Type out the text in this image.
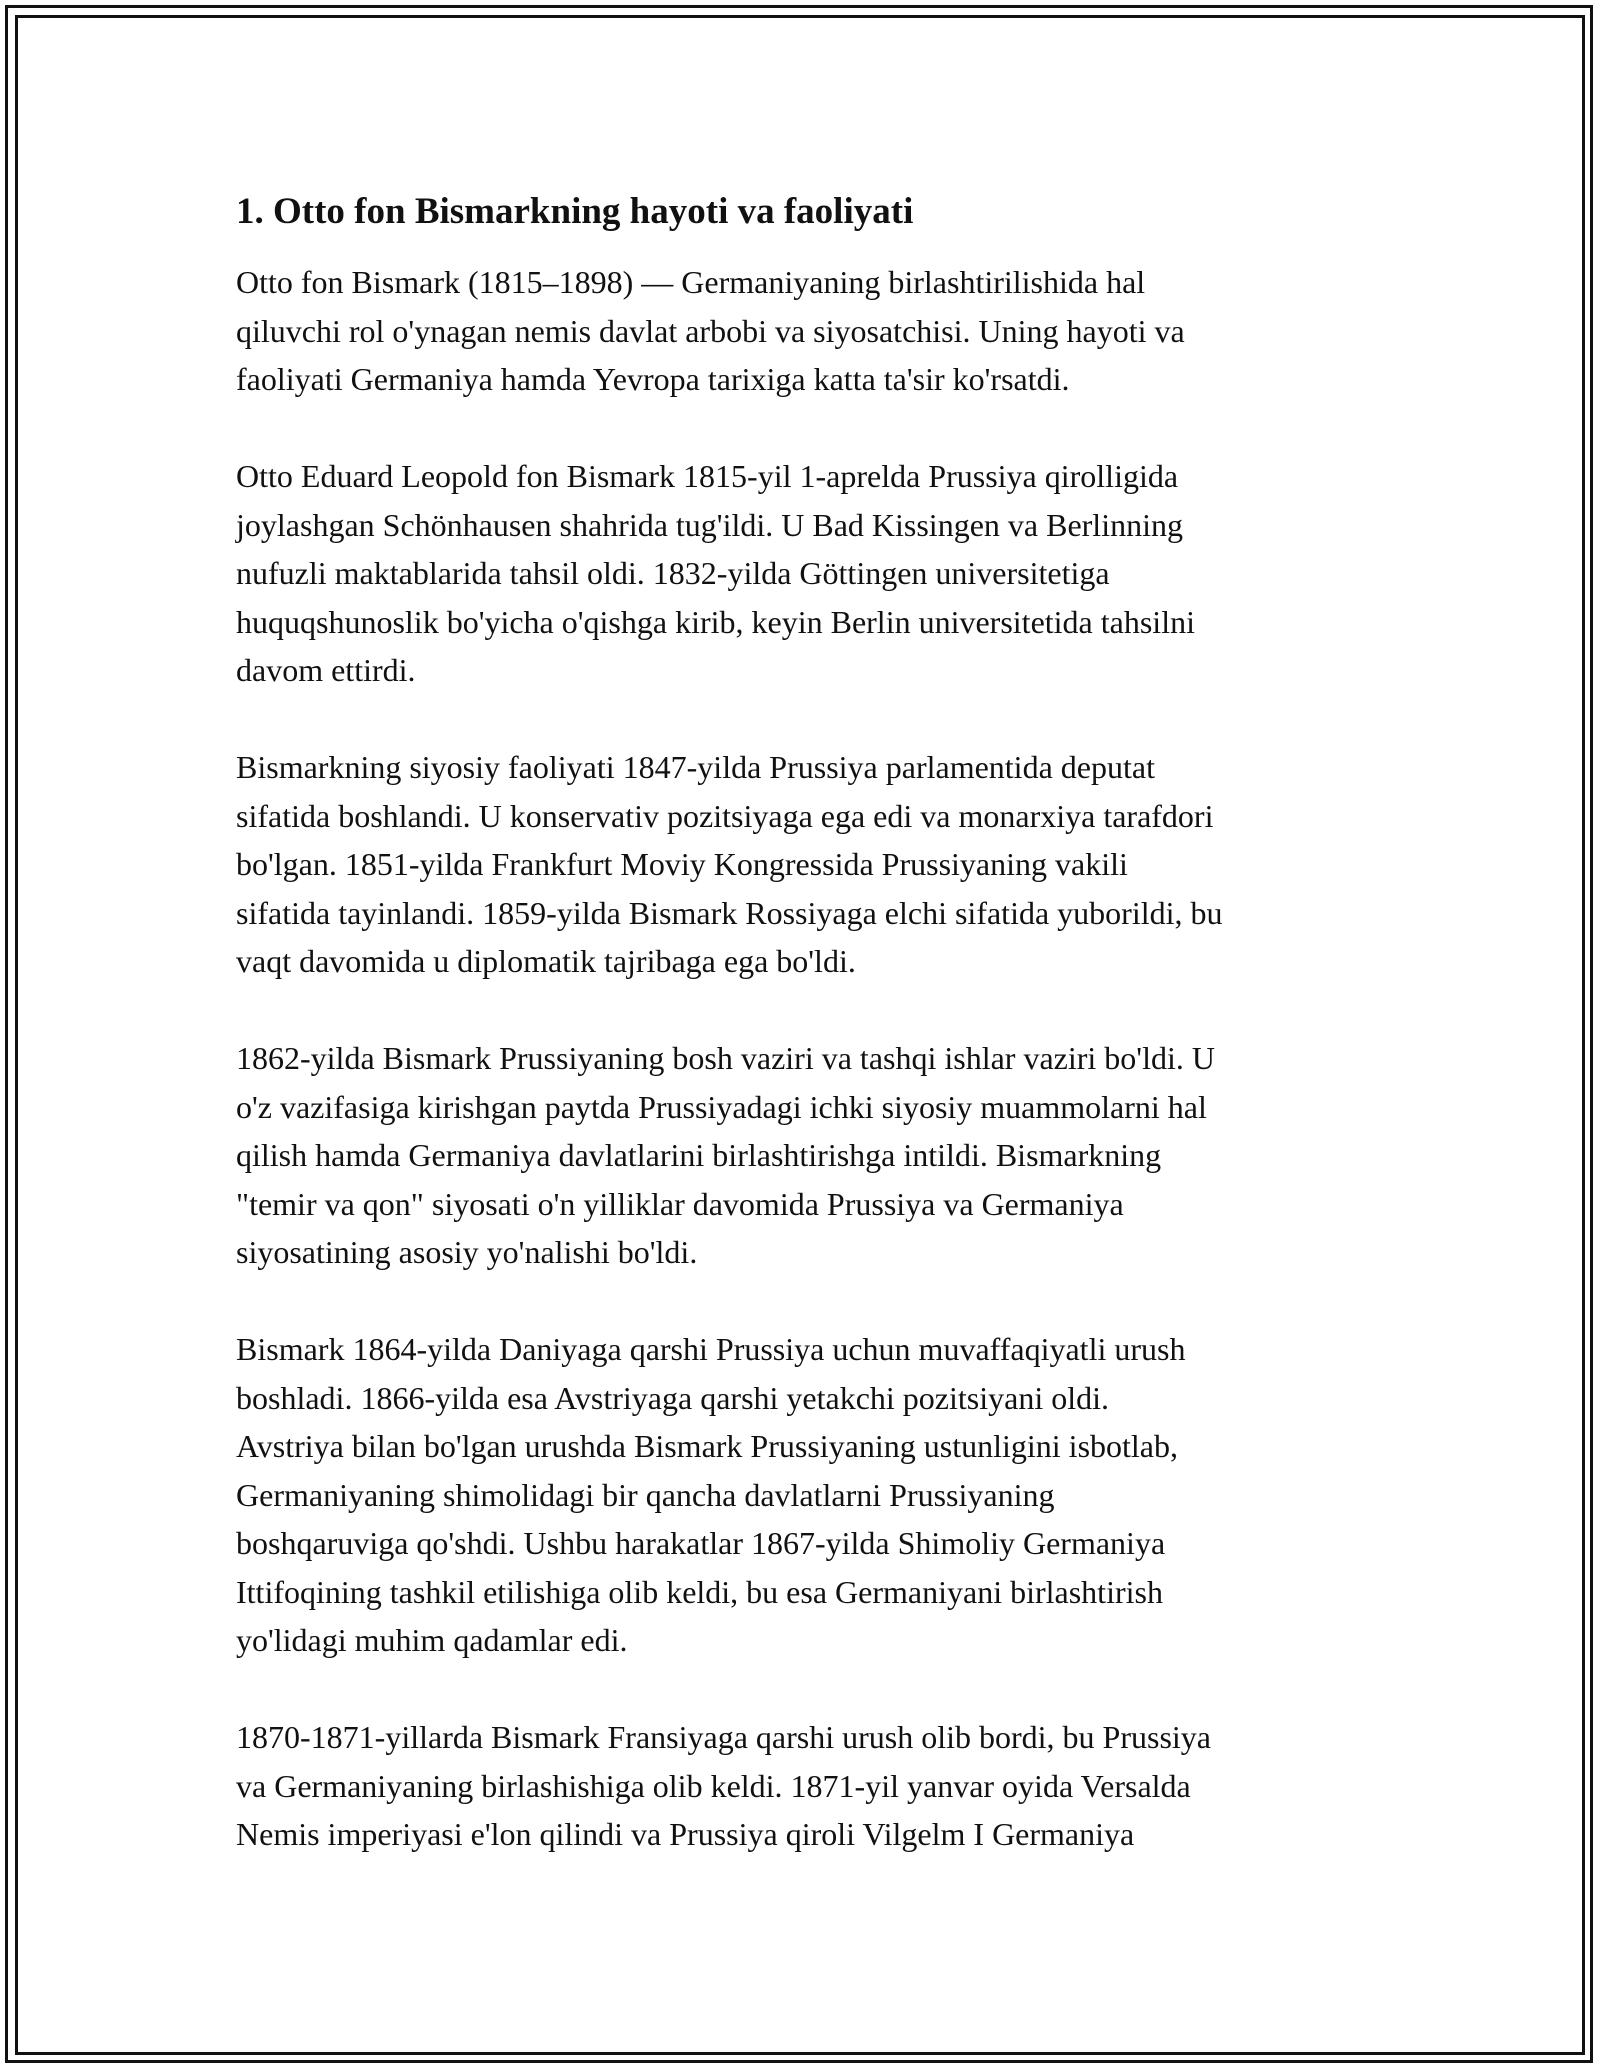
1. Otto fon Bismarkning hayoti va faoliyati
Otto fon Bismark (1815–1898) — Germaniyaning birlashtirilishida hal
qiluvchi rol o'ynagan nemis davlat arbobi va siyosatchisi. Uning hayoti va
faoliyati Germaniya hamda Yevropa tarixiga katta ta'sir ko'rsatdi.
Otto Eduard Leopold fon Bismark 1815-yil 1-aprelda Prussiya qirolligida
joylashgan Schönhausen shahrida tug'ildi. U Bad Kissingen va Berlinning
nufuzli maktablarida tahsil oldi. 1832-yilda Göttingen universitetiga
huquqshunoslik bo'yicha o'qishga kirib, keyin Berlin universitetida tahsilni
davom ettirdi.
Bismarkning siyosiy faoliyati 1847-yilda Prussiya parlamentida deputat
sifatida boshlandi. U konservativ pozitsiyaga ega edi va monarxiya tarafdori
bo'lgan. 1851-yilda Frankfurt Moviy Kongressida Prussiyaning vakili
sifatida tayinlandi. 1859-yilda Bismark Rossiyaga elchi sifatida yuborildi, bu
vaqt davomida u diplomatik tajribaga ega bo'ldi.
1862-yilda Bismark Prussiyaning bosh vaziri va tashqi ishlar vaziri bo'ldi. U
o'z vazifasiga kirishgan paytda Prussiyadagi ichki siyosiy muammolarni hal
qilish hamda Germaniya davlatlarini birlashtirishga intildi. Bismarkning
"temir va qon" siyosati o'n yilliklar davomida Prussiya va Germaniya
siyosatining asosiy yo'nalishi bo'ldi.
Bismark 1864-yilda Daniyaga qarshi Prussiya uchun muvaffaqiyatli urush
boshladi. 1866-yilda esa Avstriyaga qarshi yetakchi pozitsiyani oldi.
Avstriya bilan bo'lgan urushda Bismark Prussiyaning ustunligini isbotlab,
Germaniyaning shimolidagi bir qancha davlatlarni Prussiyaning
boshqaruviga qo'shdi. Ushbu harakatlar 1867-yilda Shimoliy Germaniya
Ittifoqining tashkil etilishiga olib keldi, bu esa Germaniyani birlashtirish
yo'lidagi muhim qadamlar edi.
1870-1871-yillarda Bismark Fransiyaga qarshi urush olib bordi, bu Prussiya
va Germaniyaning birlashishiga olib keldi. 1871-yil yanvar oyida Versalda
Nemis imperiyasi e'lon qilindi va Prussiya qiroli Vilgelm I Germaniya
